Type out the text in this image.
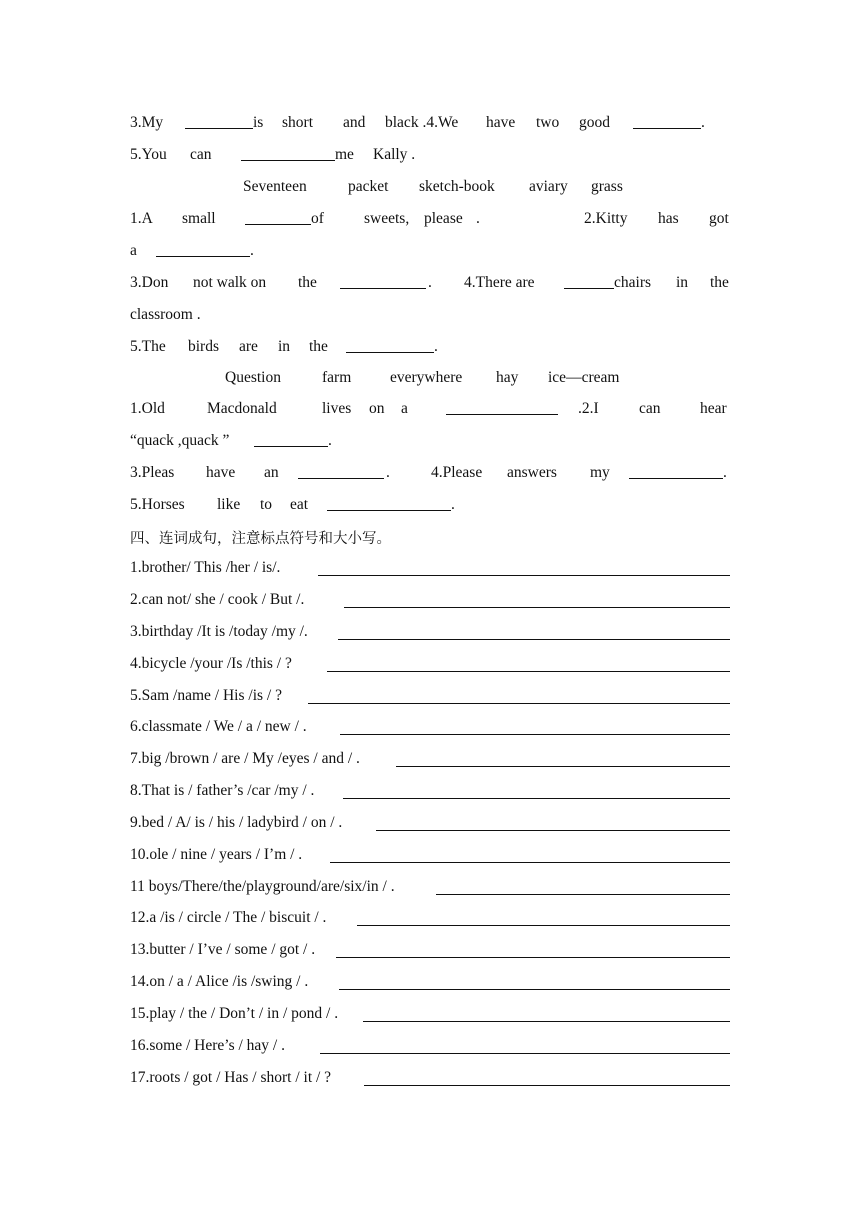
3.My	is short and black .4.We have two good	.
5.You can	me Kally .
Seventeen	packet sketch-book aviary grass
1.A small	of	sweets, please .	2.Kitty has got
a	.
3.Don not walk on the	. 4.There are	chairs in the
classroom .
5.The birds are in the	.
Question	farm everywhere hay ice—cream
1.Old	Macdonald	lives on a	.2.I	can	hear
“quack ,quack ”	.
3.Pleas have an	.	4.Please answers my	.
5.Horses like to eat	.
四、连词成句，注意标点符号和大小写。
1.brother/ This /her / is/.
2.can not/ she / cook / But /.
3.birthday /It is /today /my /.
4.bicycle /your /Is /this / ?
5.Sam /name / His /is / ?
6.classmate / We / a / new / .
7.big /brown / are / My /eyes / and / .
8.That is / father’s /car /my / .
9.bed / A/ is / his / ladybird / on / .
10.ole / nine / years / I’m / .
11 boys/There/the/playground/are/six/in / .
12.a /is / circle / The / biscuit / .
13.butter / I’ve / some / got / .
14.on / a / Alice /is /swing / .
15.play / the / Don’t / in / pond / .
16.some / Here’s / hay / .
17.roots / got / Has / short / it / ?
